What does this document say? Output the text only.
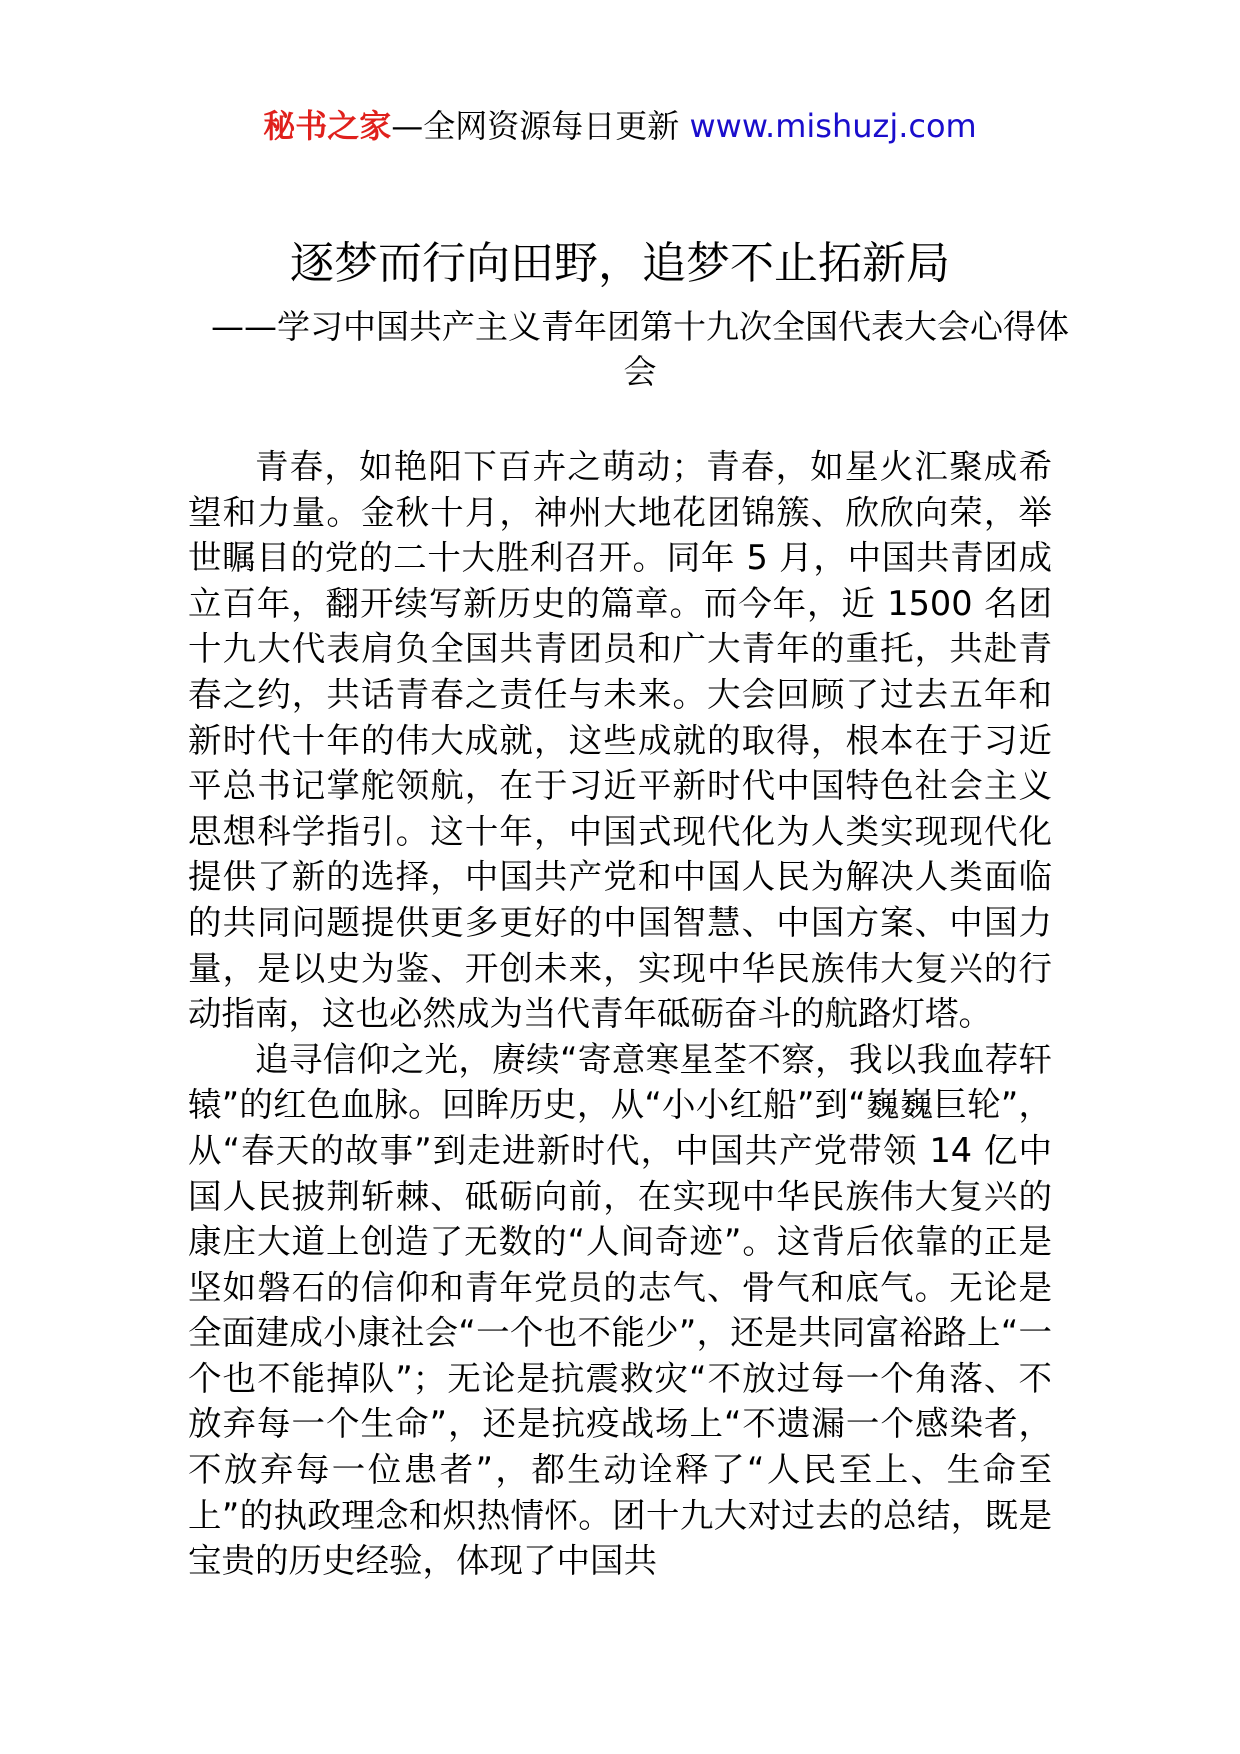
秘书之家—全网资源每日更新 www.mishuzj.com
逐梦而行向田野，追梦不止拓新局
——学习中国共产主义青年团第十九次全国代表大会心得体会

青春，如艳阳下百卉之萌动；青春，如星火汇聚成希望和力量。金秋十月，神州大地花团锦簇、欣欣向荣，举世瞩目的党的二十大胜利召开。同年 5 月，中国共青团成立百年，翻开续写新历史的篇章。而今年，近 1500 名团十九大代表肩负全国共青团员和广大青年的重托，共赴青春之约，共话青春之责任与未来。大会回顾了过去五年和新时代十年的伟大成就，这些成就的取得，根本在于习近平总书记掌舵领航，在于习近平新时代中国特色社会主义思想科学指引。这十年，中国式现代化为人类实现现代化提供了新的选择，中国共产党和中国人民为解决人类面临的共同问题提供更多更好的中国智慧、中国方案、中国力量，是以史为鉴、开创未来，实现中华民族伟大复兴的行动指南，这也必然成为当代青年砥砺奋斗的航路灯塔。

追寻信仰之光，赓续“寄意寒星荃不察，我以我血荐轩辕”的红色血脉。回眸历史，从“小小红船”到“巍巍巨轮”，从“春天的故事”到走进新时代，中国共产党带领 14 亿中国人民披荆斩棘、砥砺向前，在实现中华民族伟大复兴的康庄大道上创造了无数的“人间奇迹”。这背后依靠的正是坚如磐石的信仰和青年党员的志气、骨气和底气。无论是全面建成小康社会“一个也不能少”，还是共同富裕路上“一个也不能掉队”；无论是抗震救灾“不放过每一个角落、不放弃每一个生命”，还是抗疫战场上“不遗漏一个感染者，不放弃每一位患者”，都生动诠释了“人民至上、生命至上”的执政理念和炽热情怀。团十九大对过去的总结，既是宝贵的历史经验，体现了中国共
